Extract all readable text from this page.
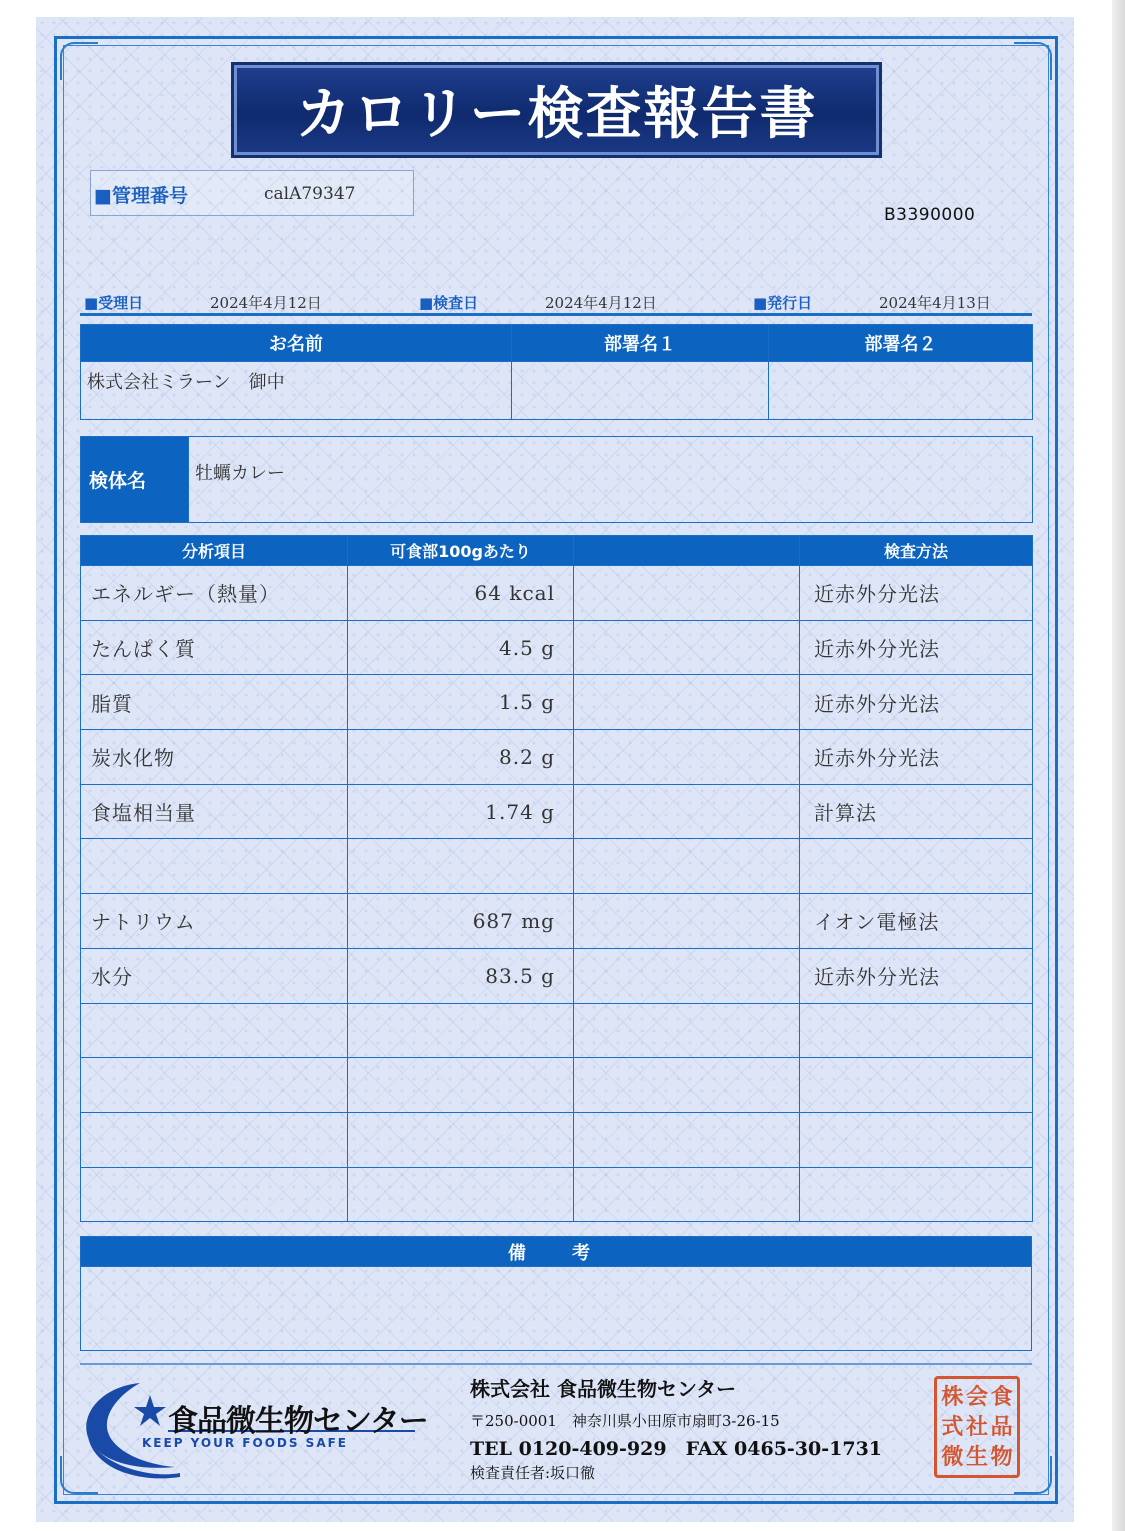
カロリー検査報告書
■管理番号	calA79347
B3390000
■受理日	2024年4月12日	■検査日	2024年4月12日	■発行日	2024年4月13日
お名前	部署名１	部署名２
株式会社ミラーン　御中		
検体名	牡蠣カレー
分析項目	可食部100gあたり		検査方法
エネルギー（熱量）	64 kcal		近赤外分光法
たんぱく質	4.5 g		近赤外分光法
脂質	1.5 g		近赤外分光法
炭水化物	8.2 g		近赤外分光法
食塩相当量	1.74 g		計算法

ナトリウム	687 mg		イオン電極法
水分	83.5 g		近赤外分光法

備　考

食品微生物センター
KEEP YOUR FOODS SAFE
株式会社 食品微生物センター
〒250-0001　神奈川県小田原市扇町3-26-15
TEL 0120-409-929　FAX 0465-30-1731
検査責任者:坂口徹
株 会 食
式 社 品
微 生 物
